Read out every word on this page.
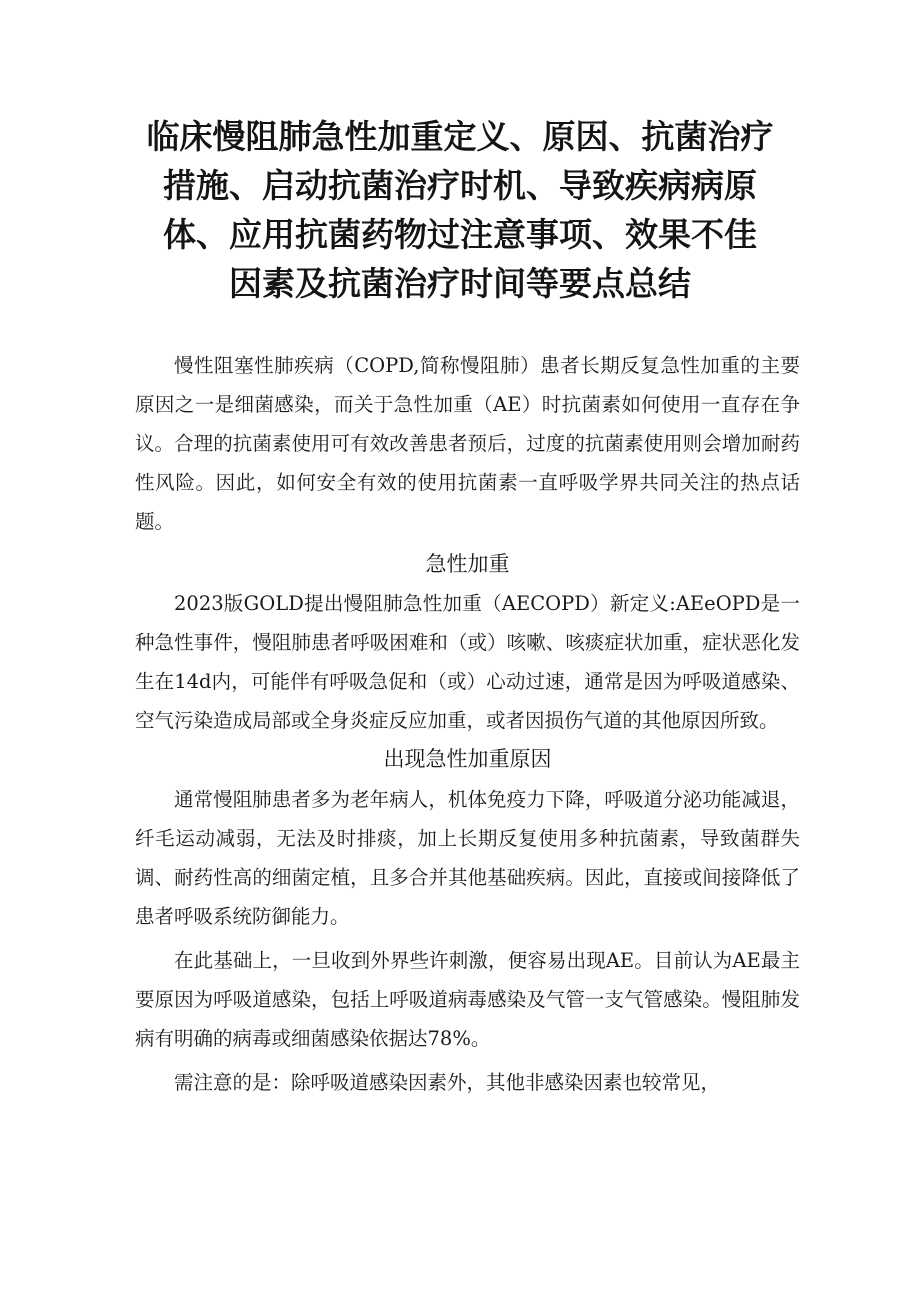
临床慢阻肺急性加重定义、原因、抗菌治疗
措施、启动抗菌治疗时机、导致疾病病原
体、应用抗菌药物过注意事项、效果不佳
因素及抗菌治疗时间等要点总结

慢性阻塞性肺疾病（COPD,简称慢阻肺）患者长期反复急性加重的主要原因之一是细菌感染，而关于急性加重（AE）时抗菌素如何使用一直存在争议。合理的抗菌素使用可有效改善患者预后，过度的抗菌素使用则会增加耐药性风险。因此，如何安全有效的使用抗菌素一直呼吸学界共同关注的热点话题。

急性加重

2023版GOLD提出慢阻肺急性加重（AECOPD）新定义:AEeOPD是一种急性事件，慢阻肺患者呼吸困难和（或）咳嗽、咳痰症状加重，症状恶化发生在14d内，可能伴有呼吸急促和（或）心动过速，通常是因为呼吸道感染、空气污染造成局部或全身炎症反应加重，或者因损伤气道的其他原因所致。

出现急性加重原因

通常慢阻肺患者多为老年病人，机体免疫力下降，呼吸道分泌功能减退，纤毛运动减弱，无法及时排痰，加上长期反复使用多种抗菌素，导致菌群失调、耐药性高的细菌定植，且多合并其他基础疾病。因此，直接或间接降低了患者呼吸系统防御能力。

在此基础上，一旦收到外界些许刺激，便容易出现AE。目前认为AE最主要原因为呼吸道感染，包括上呼吸道病毒感染及气管一支气管感染。慢阻肺发病有明确的病毒或细菌感染依据达78%。

需注意的是：除呼吸道感染因素外，其他非感染因素也较常见，
